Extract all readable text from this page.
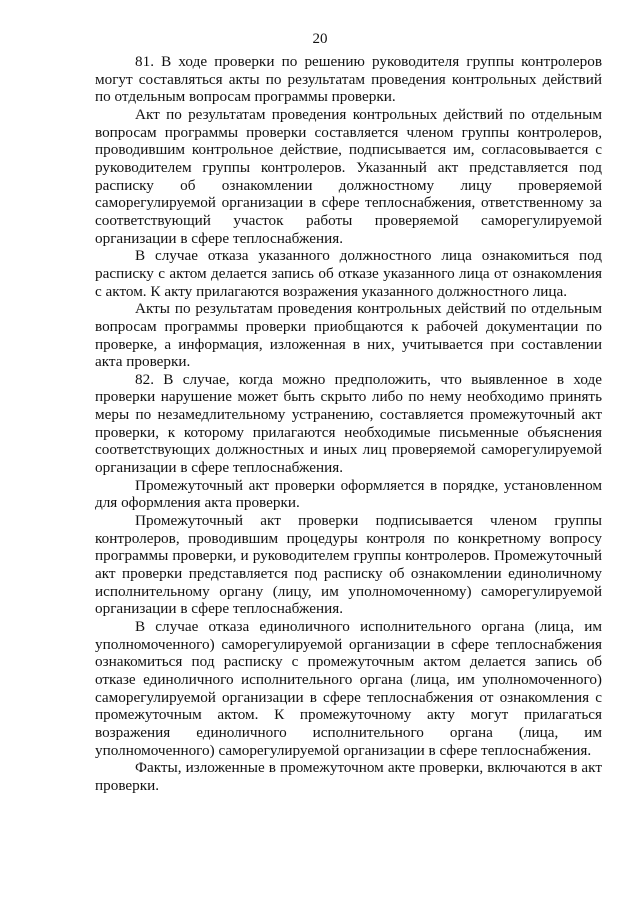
20

81. В ходе проверки по решению руководителя группы контролеров могут составляться акты по результатам проведения контрольных действий по отдельным вопросам программы проверки.

Акт по результатам проведения контрольных действий по отдельным вопросам программы проверки составляется членом группы контролеров, проводившим контрольное действие, подписывается им, согласовывается с руководителем группы контролеров. Указанный акт представляется под расписку об ознакомлении должностному лицу проверяемой саморегулируемой организации в сфере теплоснабжения, ответственному за соответствующий участок работы проверяемой саморегулируемой организации в сфере теплоснабжения.

В случае отказа указанного должностного лица ознакомиться под расписку с актом делается запись об отказе указанного лица от ознакомления с актом. К акту прилагаются возражения указанного должностного лица.

Акты по результатам проведения контрольных действий по отдельным вопросам программы проверки приобщаются к рабочей документации по проверке, а информация, изложенная в них, учитывается при составлении акта проверки.

82. В случае, когда можно предположить, что выявленное в ходе проверки нарушение может быть скрыто либо по нему необходимо принять меры по незамедлительному устранению, составляется промежуточный акт проверки, к которому прилагаются необходимые письменные объяснения соответствующих должностных и иных лиц проверяемой саморегулируемой организации в сфере теплоснабжения.

Промежуточный акт проверки оформляется в порядке, установленном для оформления акта проверки.

Промежуточный акт проверки подписывается членом группы контролеров, проводившим процедуры контроля по конкретному вопросу программы проверки, и руководителем группы контролеров. Промежуточный акт проверки представляется под расписку об ознакомлении единоличному исполнительному органу (лицу, им уполномоченному) саморегулируемой организации в сфере теплоснабжения.

В случае отказа единоличного исполнительного органа (лица, им уполномоченного) саморегулируемой организации в сфере теплоснабжения ознакомиться под расписку с промежуточным актом делается запись об отказе единоличного исполнительного органа (лица, им уполномоченного) саморегулируемой организации в сфере теплоснабжения от ознакомления с промежуточным актом. К промежуточному акту могут прилагаться возражения единоличного исполнительного органа (лица, им уполномоченного) саморегулируемой организации в сфере теплоснабжения.

Факты, изложенные в промежуточном акте проверки, включаются в акт проверки.
